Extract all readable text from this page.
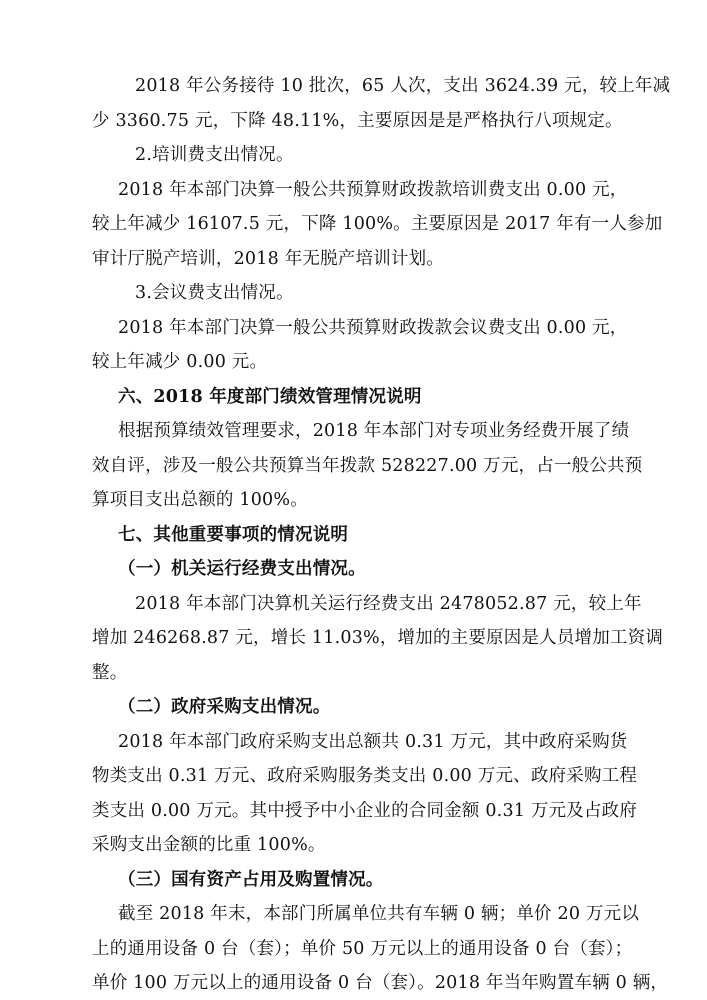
2018 年公务接待 10 批次，65 人次，支出 3624.39 元，较上年减
少 3360.75 元，下降 48.11%，主要原因是是严格执行八项规定。
2.培训费支出情况。
2018 年本部门决算一般公共预算财政拨款培训费支出 0.00 元，
较上年减少 16107.5 元，下降 100%。主要原因是 2017 年有一人参加
审计厅脱产培训，2018 年无脱产培训计划。
3.会议费支出情况。
2018 年本部门决算一般公共预算财政拨款会议费支出 0.00 元，
较上年减少 0.00 元。
六、2018 年度部门绩效管理情况说明
根据预算绩效管理要求，2018 年本部门对专项业务经费开展了绩
效自评，涉及一般公共预算当年拨款 528227.00 万元，占一般公共预
算项目支出总额的 100%。
七、其他重要事项的情况说明
（一）机关运行经费支出情况。
2018 年本部门决算机关运行经费支出 2478052.87 元，较上年
增加 246268.87 元，增长 11.03%，增加的主要原因是人员增加工资调
整。
（二）政府采购支出情况。
2018 年本部门政府采购支出总额共 0.31 万元，其中政府采购货
物类支出 0.31 万元、政府采购服务类支出 0.00 万元、政府采购工程
类支出 0.00 万元。其中授予中小企业的合同金额 0.31 万元及占政府
采购支出金额的比重 100%。
（三）国有资产占用及购置情况。
截至 2018 年末，本部门所属单位共有车辆 0 辆；单价 20 万元以
上的通用设备 0 台（套）；单价 50 万元以上的通用设备 0 台（套）；
单价 100 万元以上的通用设备 0 台（套）。2018 年当年购置车辆 0 辆，
